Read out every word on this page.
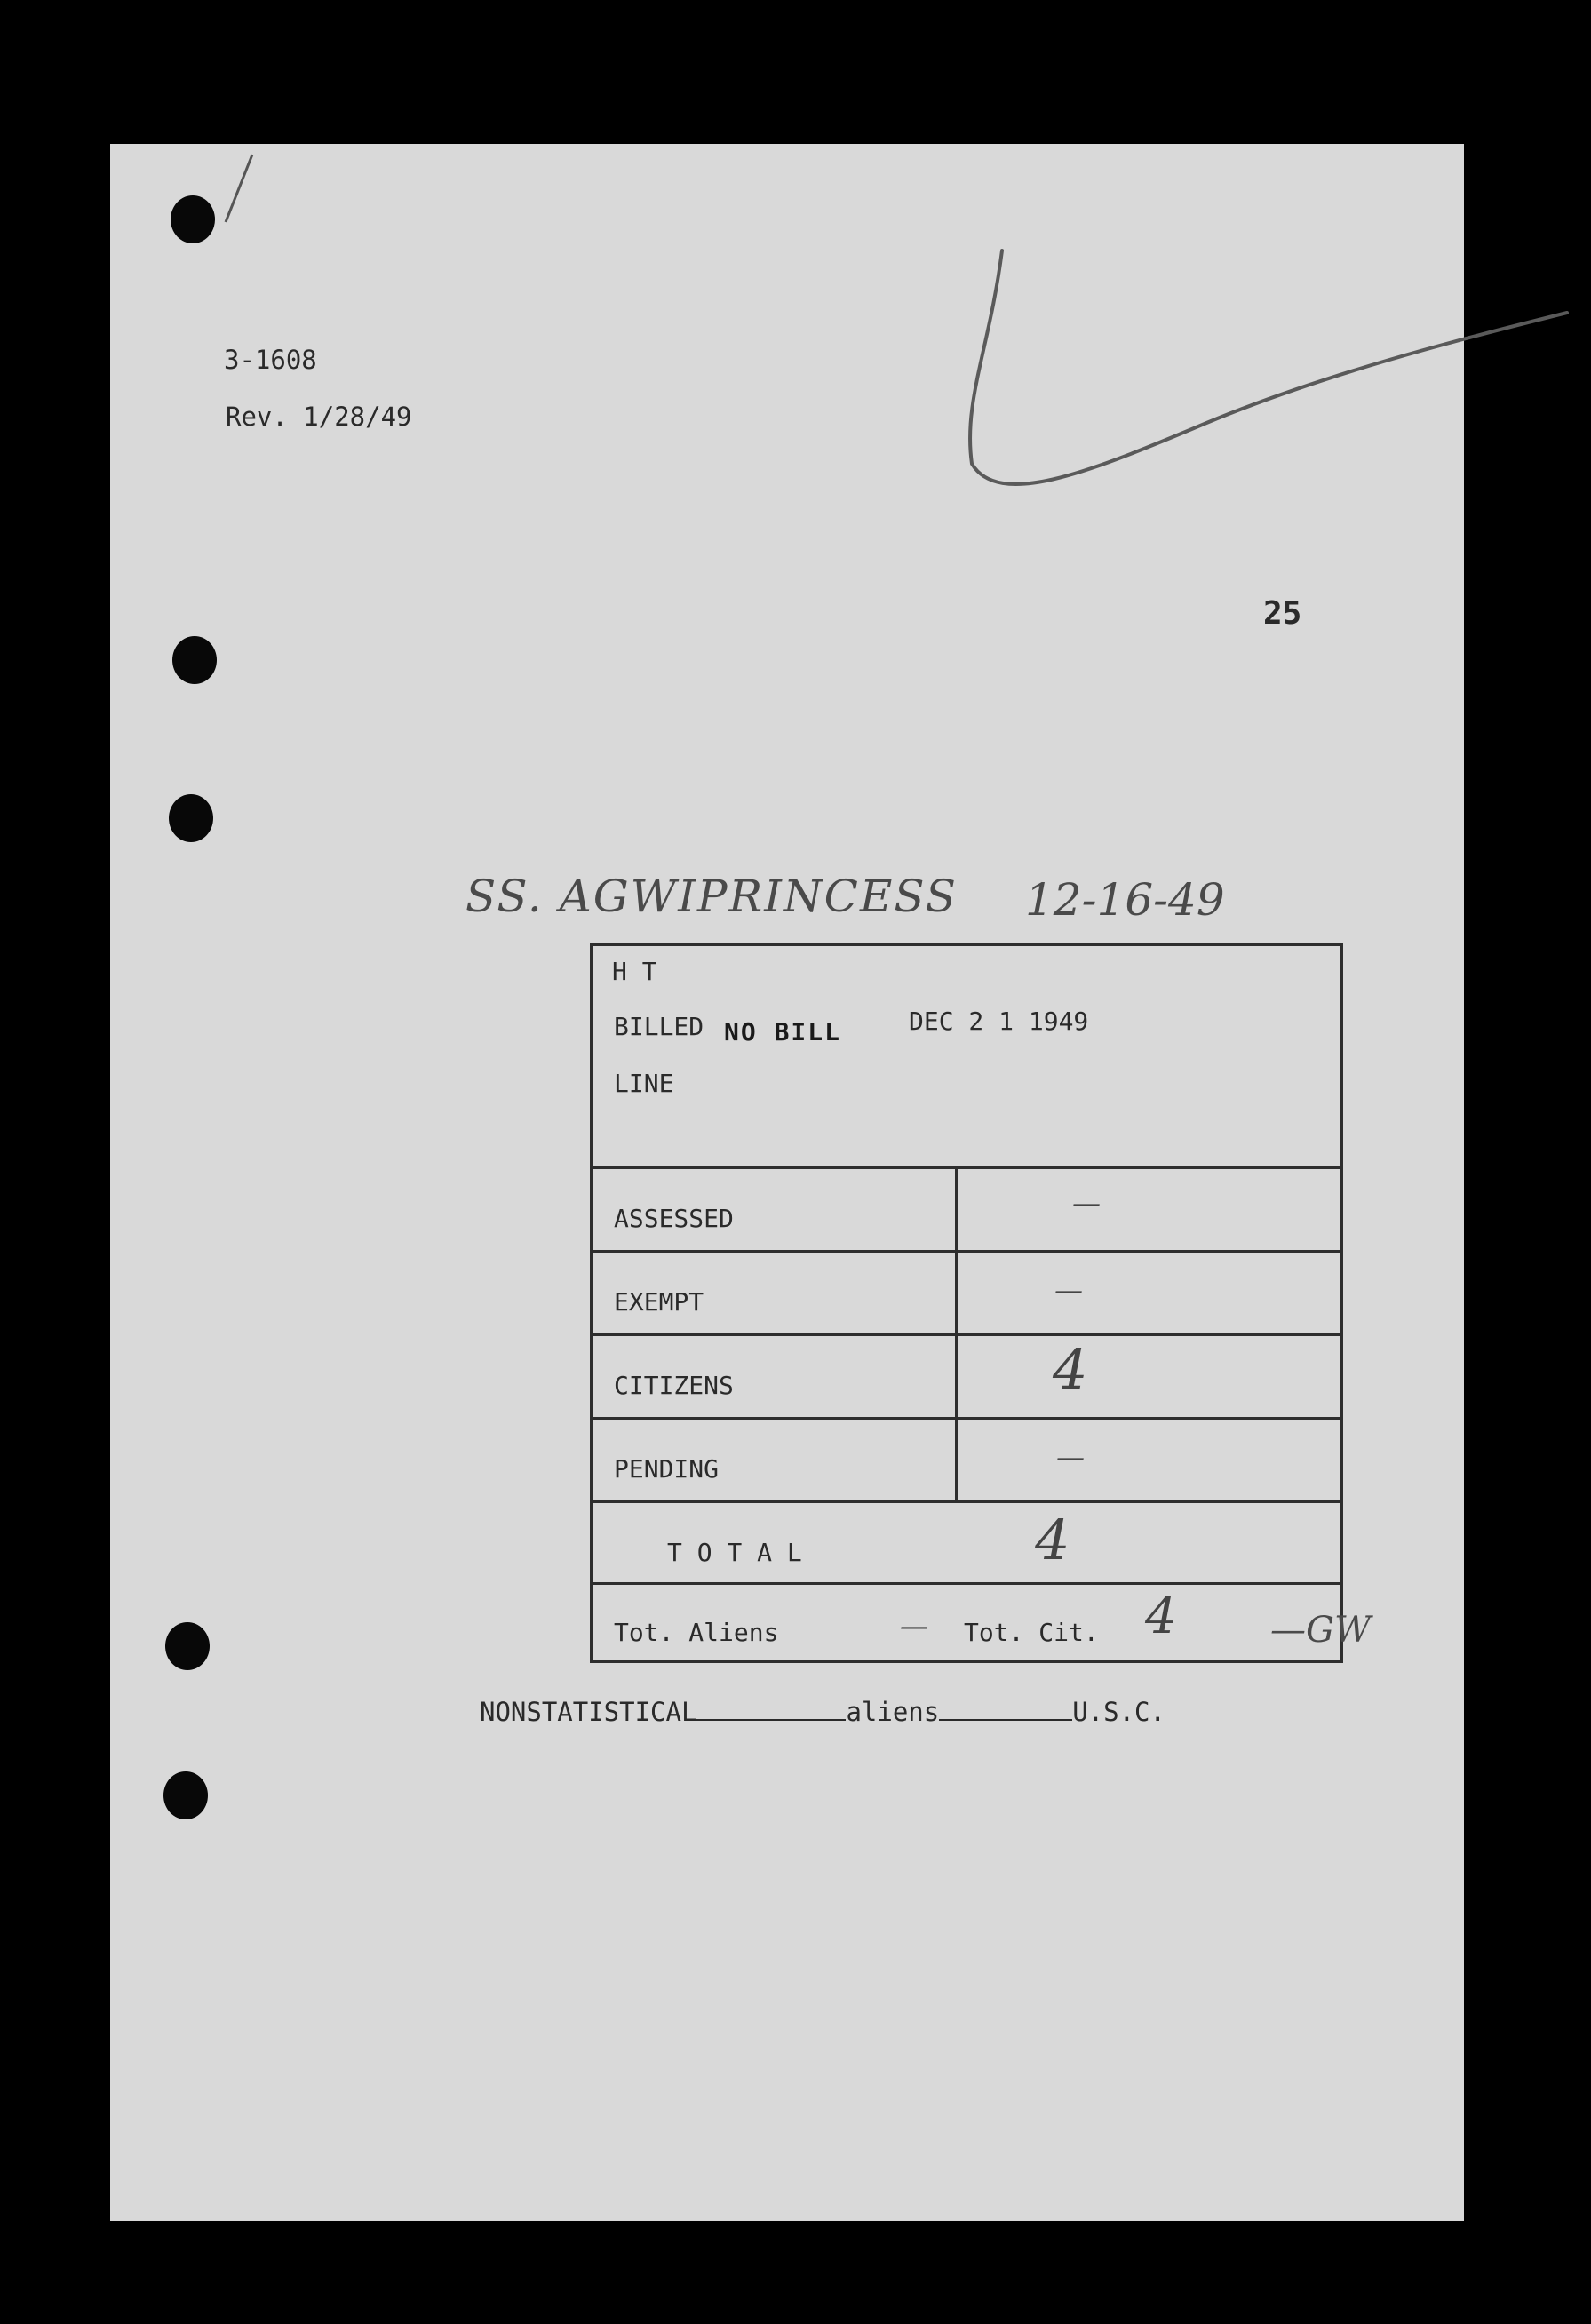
3-1608
Rev. 1/28/49
25
SS. AGWIPRINCESS 12-16-49
H T
BILLED NO BILL	DEC 2 1 1949
LINE
ASSESSED	—
EXEMPT	—
CITIZENS	4
PENDING	—
T O T A L	4
Tot. Aliens	— Tot. Cit. 4	—GW
NONSTATISTICAL	aliens	U.S.C.
